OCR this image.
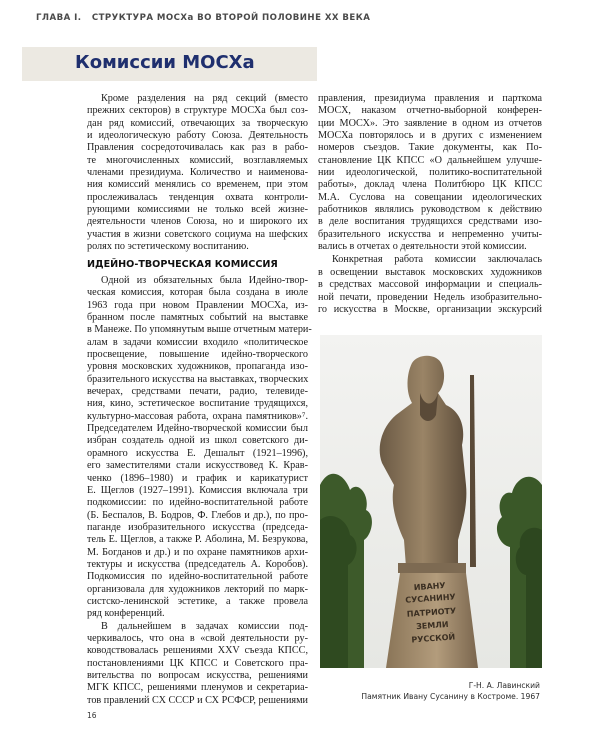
ГЛАВА I. СТРУКТУРА МОСХа ВО ВТОРОЙ ПОЛОВИНЕ XX ВЕКА
Комиссии МОСХа
Кроме разделения на ряд секций (вместо
прежних секторов) в структуре МОСХа был соз-
дан ряд комиссий, отвечающих за творческую
и идеологическую работу Союза. Деятельность
Правления сосредоточивалась как раз в рабо-
те многочисленных комиссий, возглавляемых
членами президиума. Количество и наименова-
ния комиссий менялись со временем, при этом
прослеживалась тенденция охвата контроли-
рующими комиссиями не только всей жизне-
деятельности членов Союза, но и широкого их
участия в жизни советского социума на шефских
ролях по эстетическому воспитанию.
ИДЕЙНО-ТВОРЧЕСКАЯ КОМИССИЯ
Одной из обязательных была Идейно-твор-
ческая комиссия, которая была создана в июле
1963 года при новом Правлении МОСХа, из-
бранном после памятных событий на выставке
в Манеже. По упомянутым выше отчетным матери-
алам в задачи комиссии входило «политическое
просвещение, повышение идейно-творческого
уровня московских художников, пропаганда изо-
бразительного искусства на выставках, творческих
вечерах, средствами печати, радио, телевиде-
ния, кино, эстетическое воспитание трудящихся,
культурно-массовая работа, охрана памятников»⁷.
Председателем Идейно-творческой комиссии был
избран создатель одной из школ советского ди-
орамного искусства Е. Дешалыт (1921–1996),
его заместителями стали искусствовед К. Крав-
ченко (1896–1980) и график и карикатурист
Е. Щеглов (1927–1991). Комиссия включала три
подкомиссии: по идейно-воспитательной работе
(Б. Беспалов, В. Бодров, Ф. Глебов и др.), по про-
паганде изобразительного искусства (председа-
тель Е. Щеглов, а также Р. Аболина, М. Безрукова,
М. Богданов и др.) и по охране памятников архи-
тектуры и искусства (председатель А. Коробов).
Подкомиссия по идейно-воспитательной работе
организовала для художников лекторий по марк-
систско-ленинской эстетике, а также провела
ряд конференций.
В дальнейшем в задачах комиссии под-
черкивалось, что она в «свой деятельности ру-
ководствовалась решениями XXV съезда КПСС,
постановлениями ЦК КПСС и Советского пра-
вительства по вопросам искусства, решениями
МГК КПСС, решениями пленумов и секретариа-
тов правлений СХ СССР и СХ РСФСР, решениями
правления, президиума правления и парткома
МОСХ, наказом отчетно-выборной конферен-
ции МОСХ». Это заявление в одном из отчетов
МОСХа повторялось и в других с изменением
номеров съездов. Такие документы, как По-
становление ЦК КПСС «О дальнейшем улучше-
нии идеологической, политико-воспитательной
работы», доклад члена Политбюро ЦК КПСС
М.А. Суслова на совещании идеологических
работников являлись руководством к действию
в деле воспитания трудящихся средствами изо-
бразительного искусства и непременно учиты-
вались в отчетах о деятельности этой комиссии.
Конкретная работа комиссии заключалась
в освещении выставок московских художников
в средствах массовой информации и специаль-
ной печати, проведении Недель изобразительно-
го искусства в Москве, организации экскурсий
ИВАНУ
СУСАНИНУ
ПАТРИОТУ
ЗЕМЛИ
РУССКОЙ
Г-Н. А. Лавинский
Памятник Ивану Сусанину в Костроме. 1967
16
